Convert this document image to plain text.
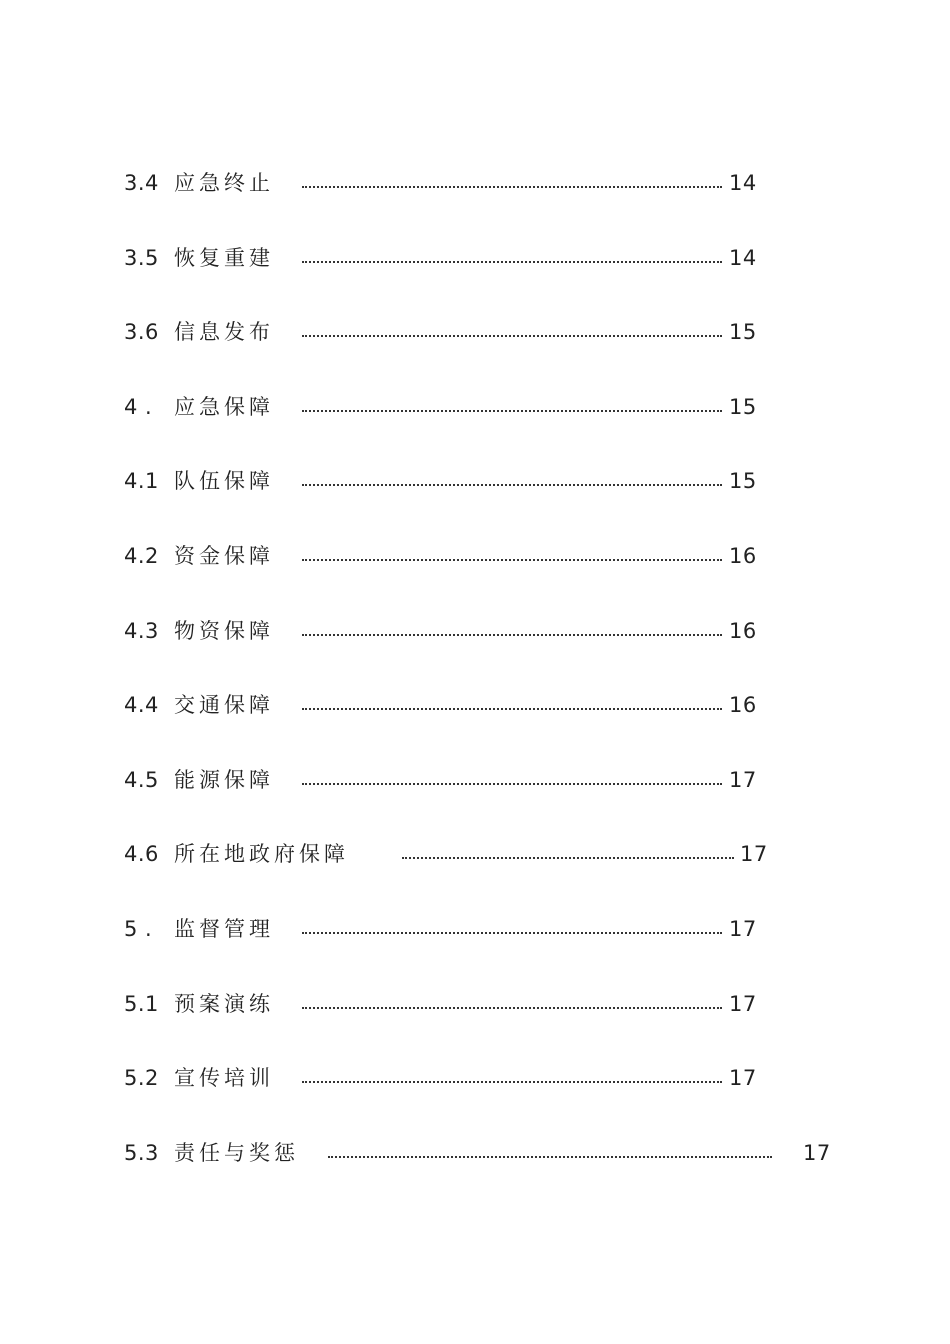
3.4 应急终止	14
3.5 恢复重建	14
3.6 信息发布	15
4 . 应急保障	15
4.1 队伍保障	15
4.2 资金保障	16
4.3 物资保障	16
4.4 交通保障	16
4.5 能源保障	17
4.6 所在地政府保障	17
5 . 监督管理	17
5.1 预案演练	17
5.2 宣传培训	17
5.3 责任与奖惩	17
